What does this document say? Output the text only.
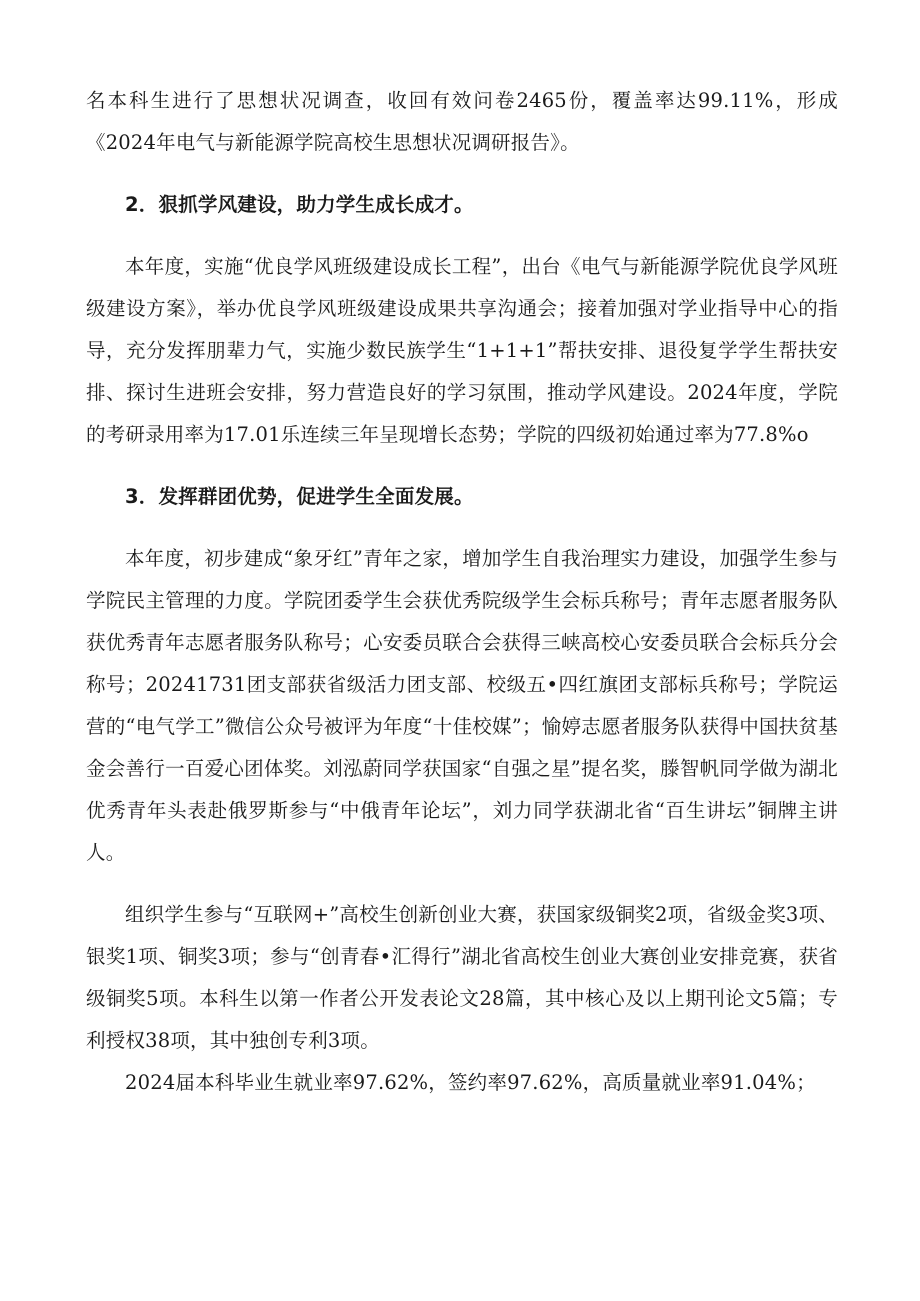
名本科生进行了思想状况调查，收回有效问卷2465份，覆盖率达99.11%，形成《2024年电气与新能源学院高校生思想状况调研报告》。

2．狠抓学风建设，助力学生成长成才。

本年度，实施“优良学风班级建设成长工程”，出台《电气与新能源学院优良学风班级建设方案》，举办优良学风班级建设成果共享沟通会；接着加强对学业指导中心的指导，充分发挥朋辈力气，实施少数民族学生“1+1+1”帮扶安排、退役复学学生帮扶安排、探讨生进班会安排，努力营造良好的学习氛围，推动学风建设。2024年度，学院的考研录用率为17.01乐连续三年呈现增长态势；学院的四级初始通过率为77.8%o

3．发挥群团优势，促进学生全面发展。

本年度，初步建成“象牙红”青年之家，增加学生自我治理实力建设，加强学生参与学院民主管理的力度。学院团委学生会获优秀院级学生会标兵称号；青年志愿者服务队获优秀青年志愿者服务队称号；心安委员联合会获得三峡高校心安委员联合会标兵分会称号；20241731团支部获省级活力团支部、校级五•四红旗团支部标兵称号；学院运营的“电气学工”微信公众号被评为年度“十佳校媒”；愉婷志愿者服务队获得中国扶贫基金会善行一百爱心团体奖。刘泓蔚同学获国家“自强之星”提名奖，滕智帆同学做为湖北优秀青年头表赴俄罗斯参与“中俄青年论坛”，刘力同学获湖北省“百生讲坛”铜牌主讲人。

组织学生参与“互联网+”高校生创新创业大赛，获国家级铜奖2项，省级金奖3项、银奖1项、铜奖3项；参与“创青春•汇得行”湖北省高校生创业大赛创业安排竞赛，获省级铜奖5项。本科生以第一作者公开发表论文28篇，其中核心及以上期刊论文5篇；专利授权38项，其中独创专利3项。

2024届本科毕业生就业率97.62%，签约率97.62%，高质量就业率91.04%；
